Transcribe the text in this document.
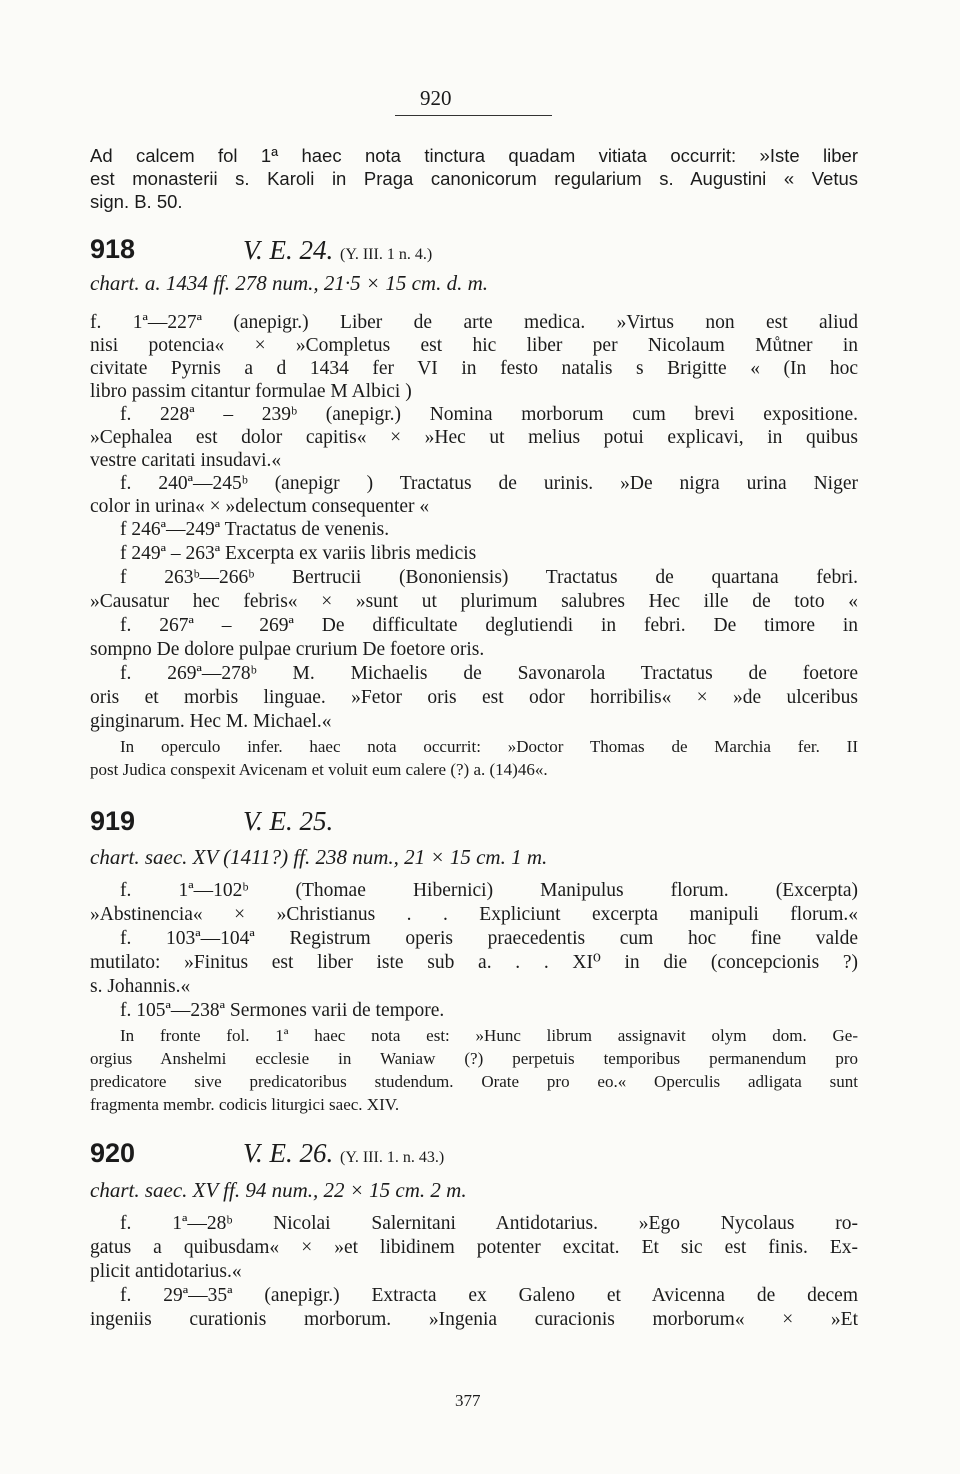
920
Ad calcem fol 1ª haec nota tinctura quadam vitiata occurrit: »Iste liber
est monasterii s. Karoli in Praga canonicorum regularium s. Augustini « Vetus
sign. B. 50.
918	V. E. 24. (Y. III. 1 n. 4.)
chart. a. 1434 ff. 278 num., 21·5 × 15 cm. d. m.
f. 1ª—227ª (anepigr.) Liber de arte medica. »Virtus non est aliud
nisi potencia« × »Completus est hic liber per Nicolaum Můtner in
civitate Pyrnis a d 1434 fer VI in festo natalis s Brigitte « (In hoc
libro passim citantur formulae M Albici )
f. 228ª – 239ᵇ (anepigr.) Nomina morborum cum brevi expositione.
»Cephalea est dolor capitis« × »Hec ut melius potui explicavi, in quibus
vestre caritati insudavi.«
f. 240ª—245ᵇ (anepigr ) Tractatus de urinis. »De nigra urina Niger
color in urina« × »delectum consequenter «
f 246ª—249ª Tractatus de venenis.
f 249ª – 263ª Excerpta ex variis libris medicis
f 263ᵇ—266ᵇ Bertrucii (Bononiensis) Tractatus de quartana febri.
»Causatur hec febris« × »sunt ut plurimum salubres Hec ille de toto «
f. 267ª – 269ª De difficultate deglutiendi in febri. De timore in
sompno De dolore pulpae crurium De foetore oris.
f. 269ª—278ᵇ M. Michaelis de Savonarola Tractatus de foetore
oris et morbis linguae. »Fetor oris est odor horribilis« × »de ulceribus
ginginarum. Hec M. Michael.«
In operculo infer. haec nota occurrit: »Doctor Thomas de Marchia fer. II
post Judica conspexit Avicenam et voluit eum calere (?) a. (14)46«.
919	V. E. 25.
chart. saec. XV (1411?) ff. 238 num., 21 × 15 cm. 1 m.
f. 1ª—102ᵇ (Thomae Hibernici) Manipulus florum. (Excerpta)
»Abstinencia« × »Christianus . . Expliciunt excerpta manipuli florum.«
f. 103ª—104ª Registrum operis praecedentis cum hoc fine valde
mutilato: »Finitus est liber iste sub a. . . XI⁰ in die (concepcionis ?)
s. Johannis.«
f. 105ª—238ª Sermones varii de tempore.
In fronte fol. 1ª haec nota est: »Hunc librum assignavit olym dom. Ge-
orgius Anshelmi ecclesie in Waniaw (?) perpetuis temporibus permanendum pro
predicatore sive predicatoribus studendum. Orate pro eo.« Operculis adligata sunt
fragmenta membr. codicis liturgici saec. XIV.
920	V. E. 26. (Y. III. 1. n. 43.)
chart. saec. XV ff. 94 num., 22 × 15 cm. 2 m.
f. 1ª—28ᵇ Nicolai Salernitani Antidotarius. »Ego Nycolaus ro-
gatus a quibusdam« × »et libidinem potenter excitat. Et sic est finis. Ex-
plicit antidotarius.«
f. 29ª—35ª (anepigr.) Extracta ex Galeno et Avicenna de decem
ingeniis curationis morborum. »Ingenia curacionis morborum« × »Et
377
